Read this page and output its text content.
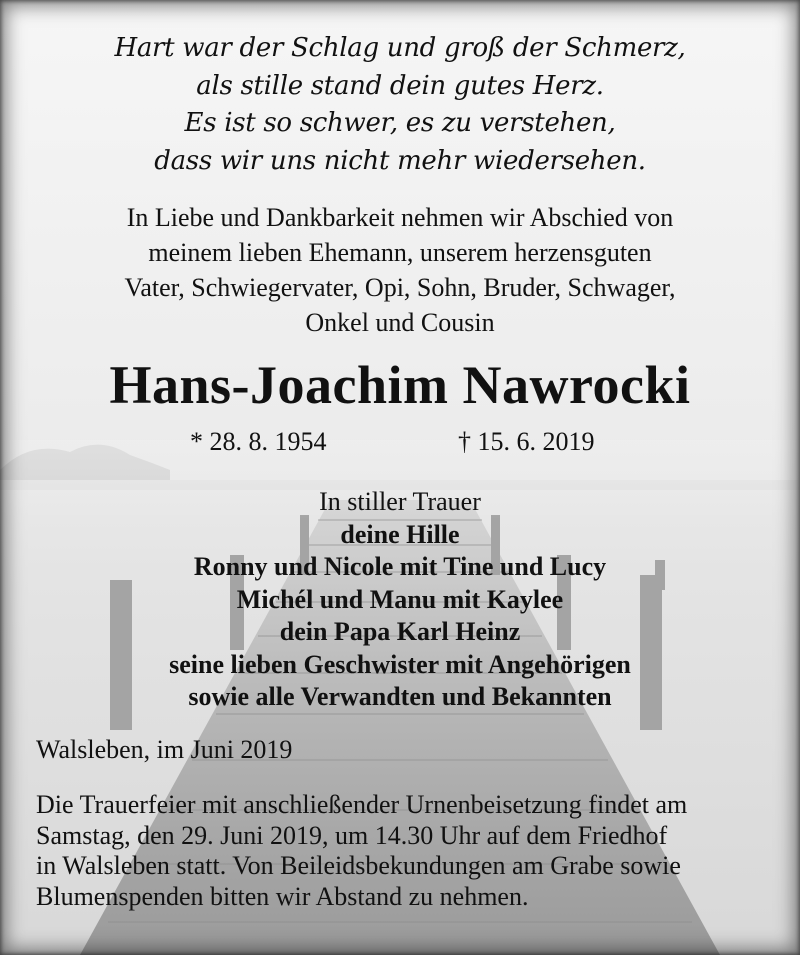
Hart war der Schlag und groß der Schmerz,
als stille stand dein gutes Herz.
Es ist so schwer, es zu verstehen,
dass wir uns nicht mehr wiedersehen.
In Liebe und Dankbarkeit nehmen wir Abschied von
meinem lieben Ehemann, unserem herzensguten
Vater, Schwiegervater, Opi, Sohn, Bruder, Schwager,
Onkel und Cousin
Hans-Joachim Nawrocki
* 28. 8. 1954	† 15. 6. 2019
In stiller Trauer
deine Hille
Ronny und Nicole mit Tine und Lucy
Michél und Manu mit Kaylee
dein Papa Karl Heinz
seine lieben Geschwister mit Angehörigen
sowie alle Verwandten und Bekannten
Walsleben, im Juni 2019
Die Trauerfeier mit anschließender Urnenbeisetzung findet am
Samstag, den 29. Juni 2019, um 14.30 Uhr auf dem Friedhof
in Walsleben statt. Von Beileidsbekundungen am Grabe sowie
Blumenspenden bitten wir Abstand zu nehmen.
